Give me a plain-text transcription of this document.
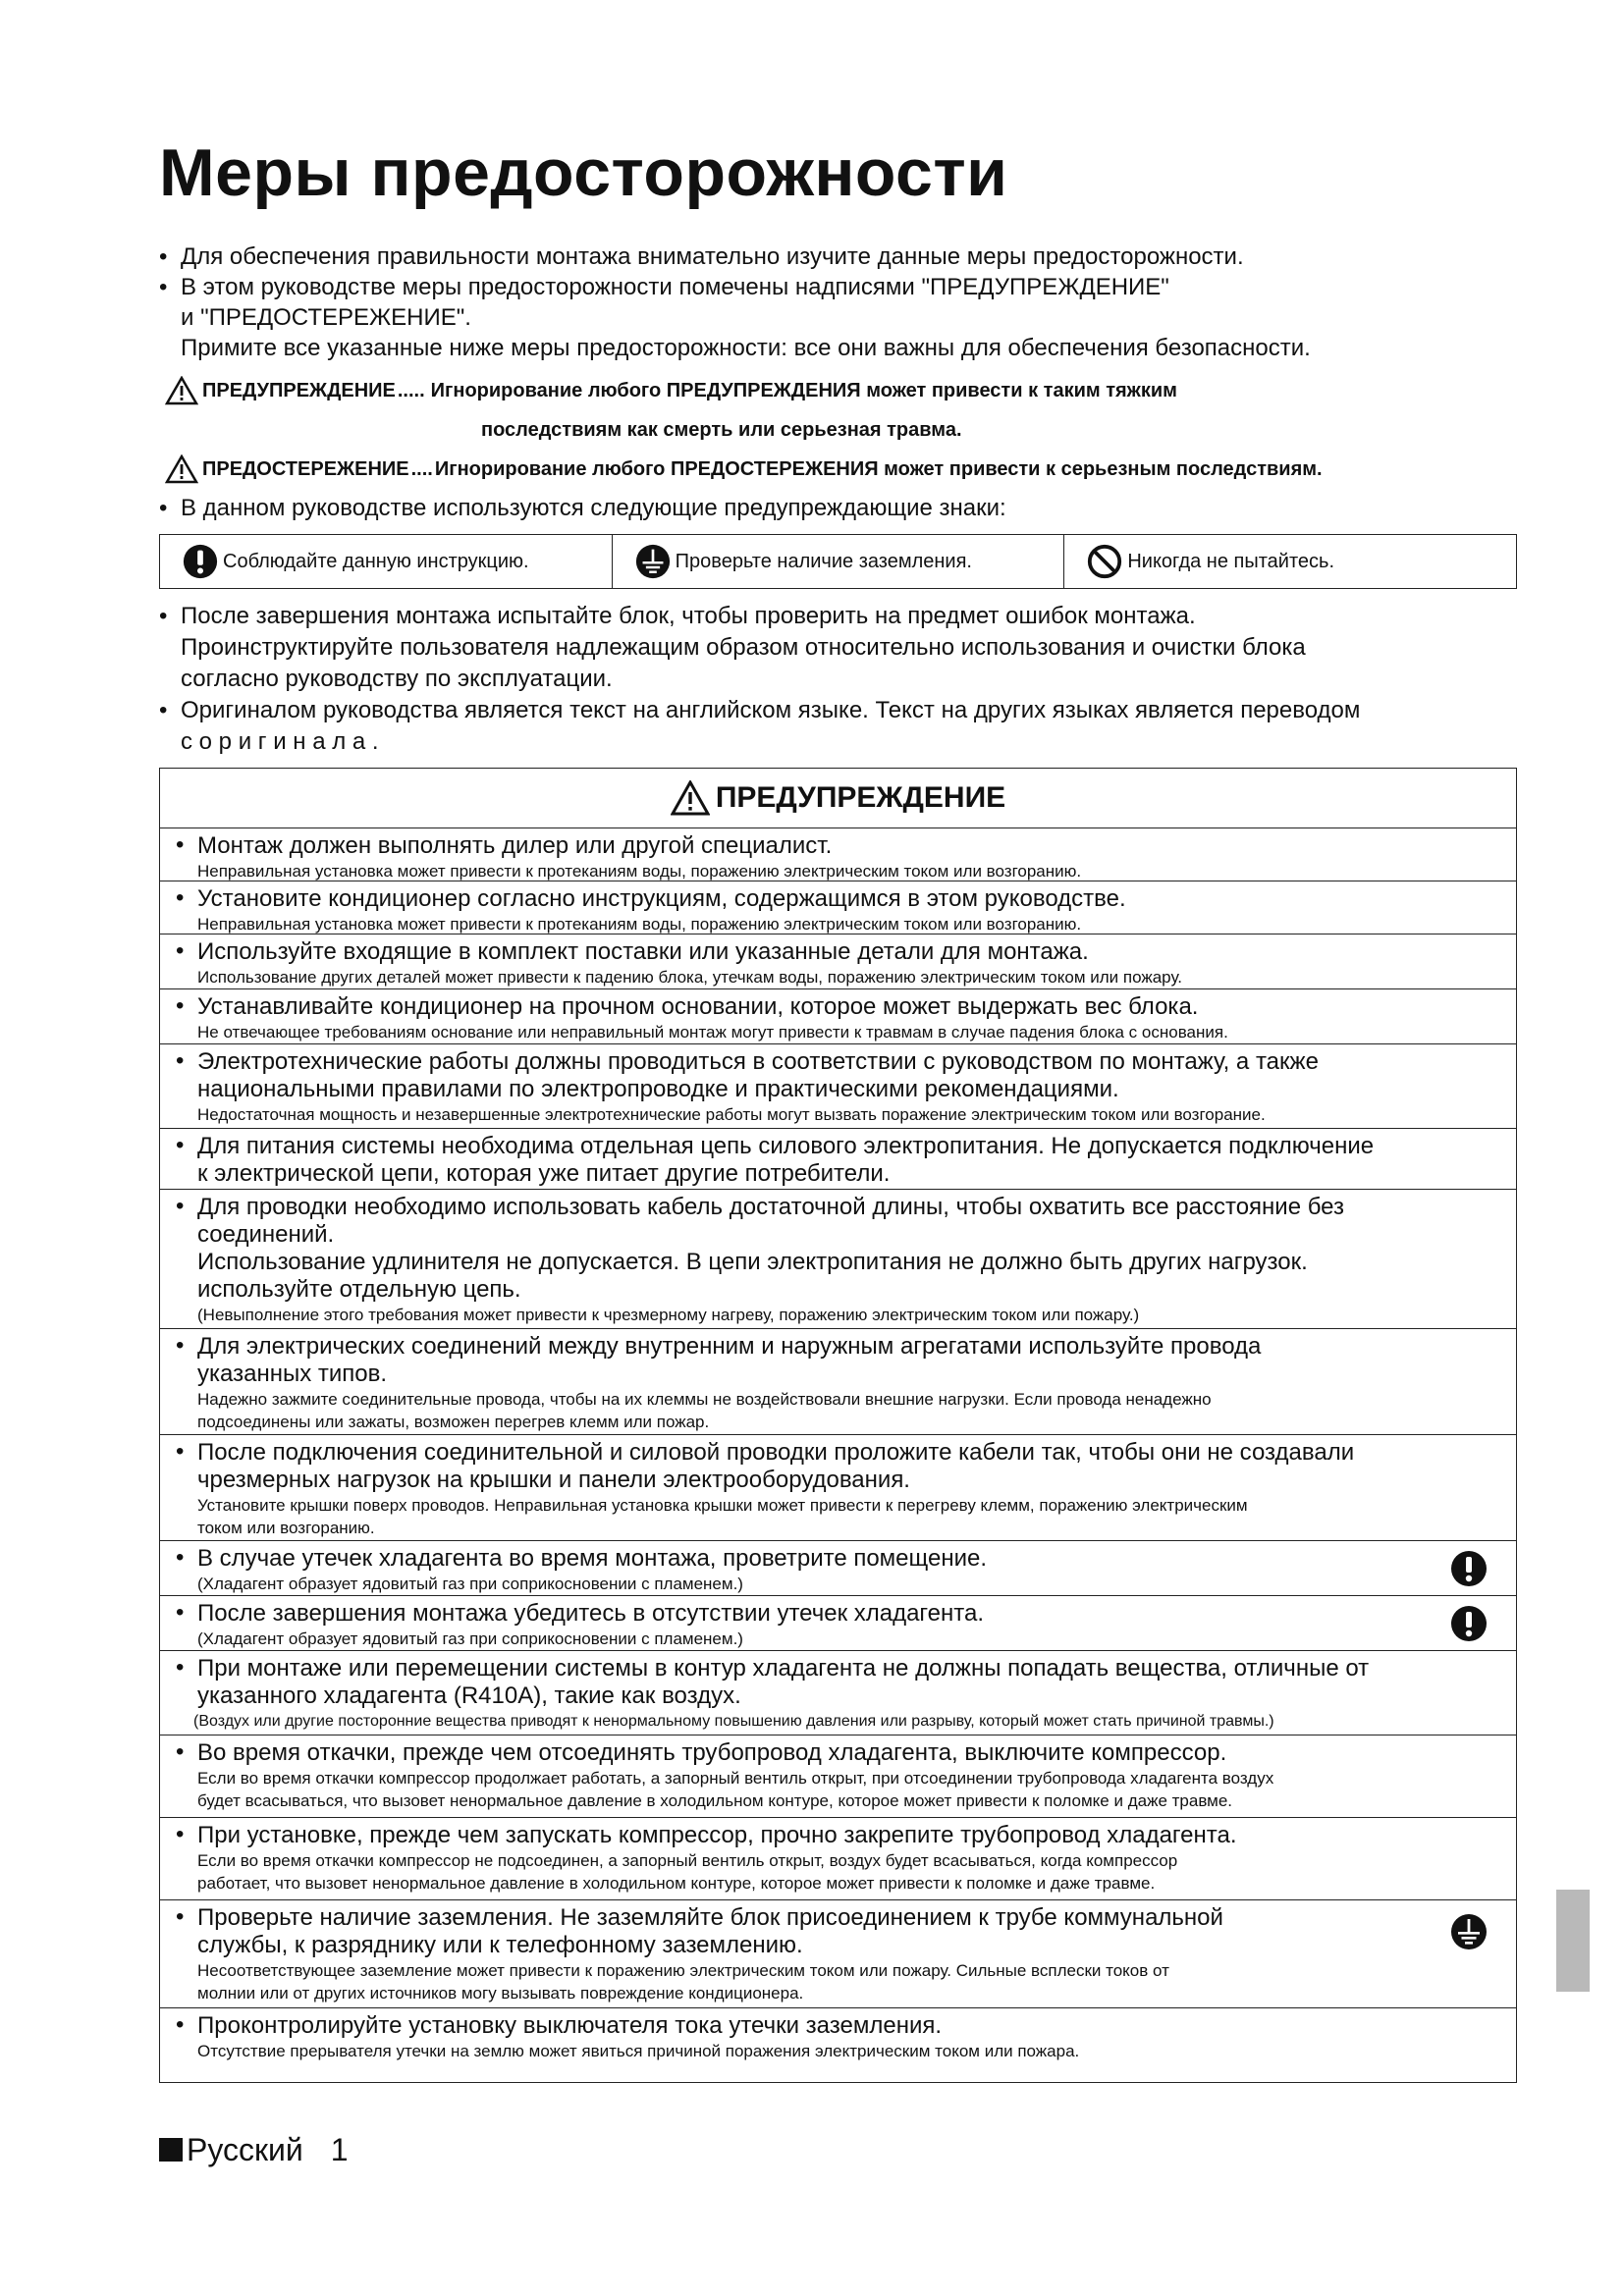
Меры предосторожности
• Для обеспечения правильности монтажа внимательно изучите данные меры предосторожности.
• В этом руководстве меры предосторожности помечены надписями "ПРЕДУПРЕЖДЕНИЕ"
и "ПРЕДОСТЕРЕЖЕНИЕ".
Примите все указанные ниже меры предосторожности: все они важны для обеспечения безопасности.
ПРЕДУПРЕЖДЕНИЕ ..... Игнорирование любого ПРЕДУПРЕЖДЕНИЯ может привести к таким тяжким
последствиям как смерть или серьезная травма.
ПРЕДОСТЕРЕЖЕНИЕ .... Игнорирование любого ПРЕДОСТЕРЕЖЕНИЯ может привести к серьезным последствиям.
• В данном руководстве используются следующие предупреждающие знаки:
Соблюдайте данную инструкцию.	Проверьте наличие заземления.	Никогда не пытайтесь.
• После завершения монтажа испытайте блок, чтобы проверить на предмет ошибок монтажа.
Проинструктируйте пользователя надлежащим образом относительно использования и очистки блока
согласно руководству по эксплуатации.
• Оригиналом руководства является текст на английском языке. Текст на других языках является переводом
с о р и г и н а л а .
ПРЕДУПРЕЖДЕНИЕ
• Монтаж должен выполнять дилер или другой специалист.
Неправильная установка может привести к протеканиям воды, поражению электрическим током или возгоранию.
• Установите кондиционер согласно инструкциям, содержащимся в этом руководстве.
Неправильная установка может привести к протеканиям воды, поражению электрическим током или возгоранию.
• Используйте входящие в комплект поставки или указанные детали для монтажа.
Использование других деталей может привести к падению блока, утечкам воды, поражению электрическим током или пожару.
• Устанавливайте кондиционер на прочном основании, которое может выдержать вес блока.
Не отвечающее требованиям основание или неправильный монтаж могут привести к травмам в случае падения блока с основания.
• Электротехнические работы должны проводиться в соответствии с руководством по монтажу, а также
национальными правилами по электропроводке и практическими рекомендациями.
Недостаточная мощность и незавершенные электротехнические работы могут вызвать поражение электрическим током или возгорание.
• Для питания системы необходима отдельная цепь силового электропитания. Не допускается подключение
к электрической цепи, которая уже питает другие потребители.
• Для проводки необходимо использовать кабель достаточной длины, чтобы охватить все расстояние без
соединений.
Использование удлинителя не допускается. В цепи электропитания не должно быть других нагрузок.
используйте отдельную цепь.
(Невыполнение этого требования может привести к чрезмерному нагреву, поражению электрическим током или пожару.)
• Для электрических соединений между внутренним и наружным агрегатами используйте провода
указанных типов.
Надежно зажмите соединительные провода, чтобы на их клеммы не воздействовали внешние нагрузки. Если провода ненадежно
подсоединены или зажаты, возможен перегрев клемм или пожар.
• После подключения соединительной и силовой проводки проложите кабели так, чтобы они не создавали
чрезмерных нагрузок на крышки и панели электрооборудования.
Установите крышки поверх проводов. Неправильная установка крышки может привести к перегреву клемм, поражению электрическим
током или возгоранию.
• В случае утечек хладагента во время монтажа, проветрите помещение.
(Хладагент образует ядовитый газ при соприкосновении с пламенем.)
• После завершения монтажа убедитесь в отсутствии утечек хладагента.
(Хладагент образует ядовитый газ при соприкосновении с пламенем.)
• При монтаже или перемещении системы в контур хладагента не должны попадать вещества, отличные от
указанного хладагента (R410A), такие как воздух.
(Воздух или другие посторонние вещества приводят к ненормальному повышению давления или разрыву, который может стать причиной травмы.)
• Во время откачки, прежде чем отсоединять трубопровод хладагента, выключите компрессор.
Если во время откачки компрессор продолжает работать, а запорный вентиль открыт, при отсоединении трубопровода хладагента воздух
будет всасываться, что вызовет ненормальное давление в холодильном контуре, которое может привести к поломке и даже травме.
• При установке, прежде чем запускать компрессор, прочно закрепите трубопровод хладагента.
Если во время откачки компрессор не подсоединен, а запорный вентиль открыт, воздух будет всасываться, когда компрессор
работает, что вызовет ненормальное давление в холодильном контуре, которое может привести к поломке и даже травме.
• Проверьте наличие заземления. Не заземляйте блок присоединением к трубе коммунальной
службы, к разряднику или к телефонному заземлению.
Несоответствующее заземление может привести к поражению электрическим током или пожару. Сильные всплески токов от
молнии или от других источников могу вызывать повреждение кондиционера.
• Проконтролируйте установку выключателя тока утечки заземления.
Отсутствие прерывателя утечки на землю может явиться причиной поражения электрическим током или пожара.
Русский 1
